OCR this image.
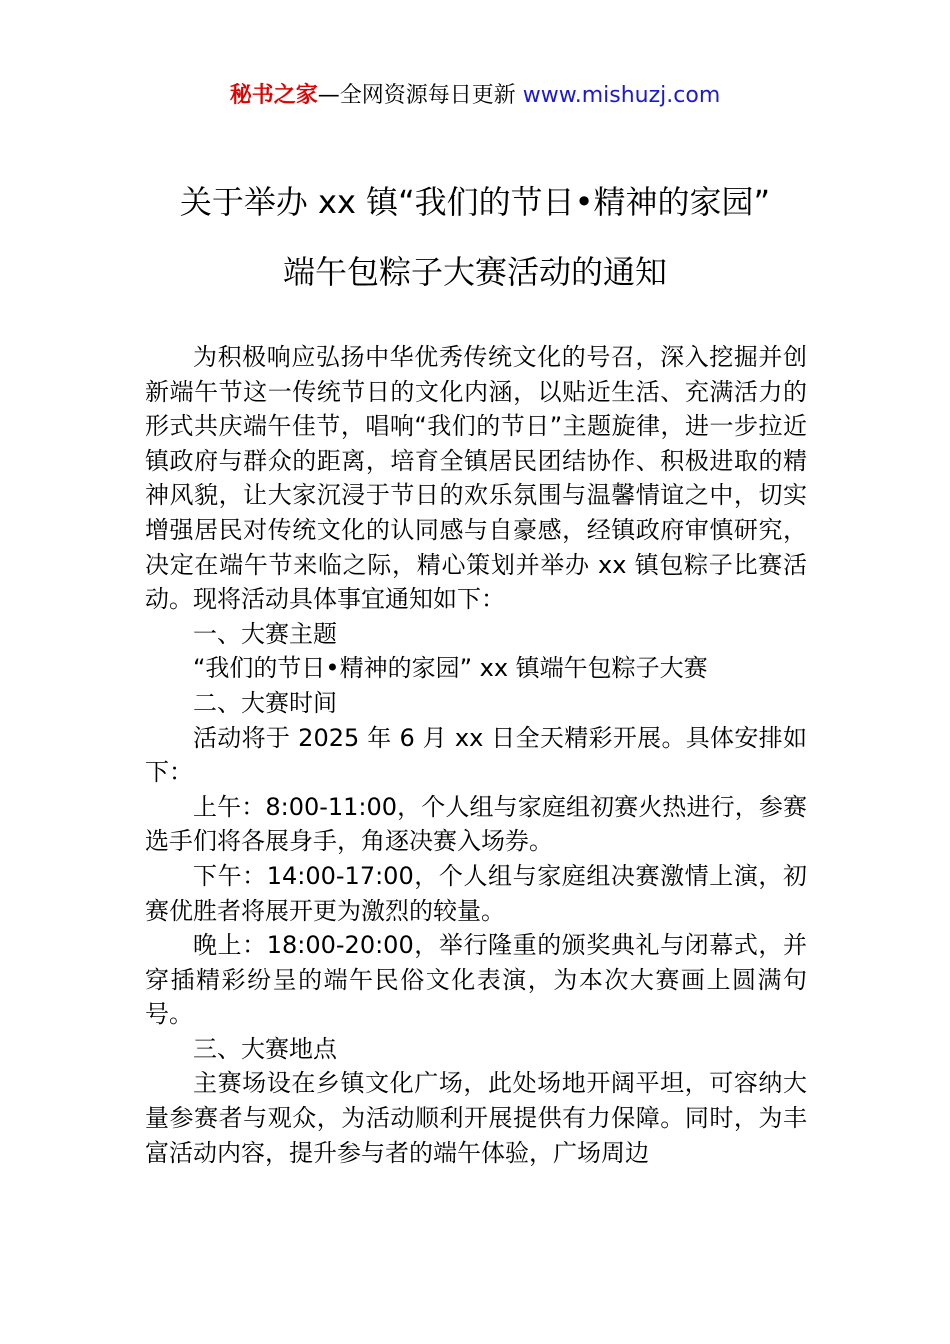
秘书之家—全网资源每日更新 www.mishuzj.com
关于举办 xx 镇“我们的节日•精神的家园”
端午包粽子大赛活动的通知

为积极响应弘扬中华优秀传统文化的号召，深入挖掘并创新端午节这一传统节日的文化内涵，以贴近生活、充满活力的形式共庆端午佳节，唱响“我们的节日”主题旋律，进一步拉近镇政府与群众的距离，培育全镇居民团结协作、积极进取的精神风貌，让大家沉浸于节日的欢乐氛围与温馨情谊之中，切实增强居民对传统文化的认同感与自豪感，经镇政府审慎研究，决定在端午节来临之际，精心策划并举办 xx 镇包粽子比赛活动。现将活动具体事宜通知如下：

一、大赛主题

“我们的节日•精神的家园” xx 镇端午包粽子大赛

二、大赛时间

活动将于 2025 年 6 月 xx 日全天精彩开展。具体安排如下：

上午：8:00-11:00，个人组与家庭组初赛火热进行，参赛选手们将各展身手，角逐决赛入场券。

下午：14:00-17:00，个人组与家庭组决赛激情上演，初赛优胜者将展开更为激烈的较量。

晚上：18:00-20:00，举行隆重的颁奖典礼与闭幕式，并穿插精彩纷呈的端午民俗文化表演，为本次大赛画上圆满句号。

三、大赛地点

主赛场设在乡镇文化广场，此处场地开阔平坦，可容纳大量参赛者与观众，为活动顺利开展提供有力保障。同时，为丰富活动内容，提升参与者的端午体验，广场周边
